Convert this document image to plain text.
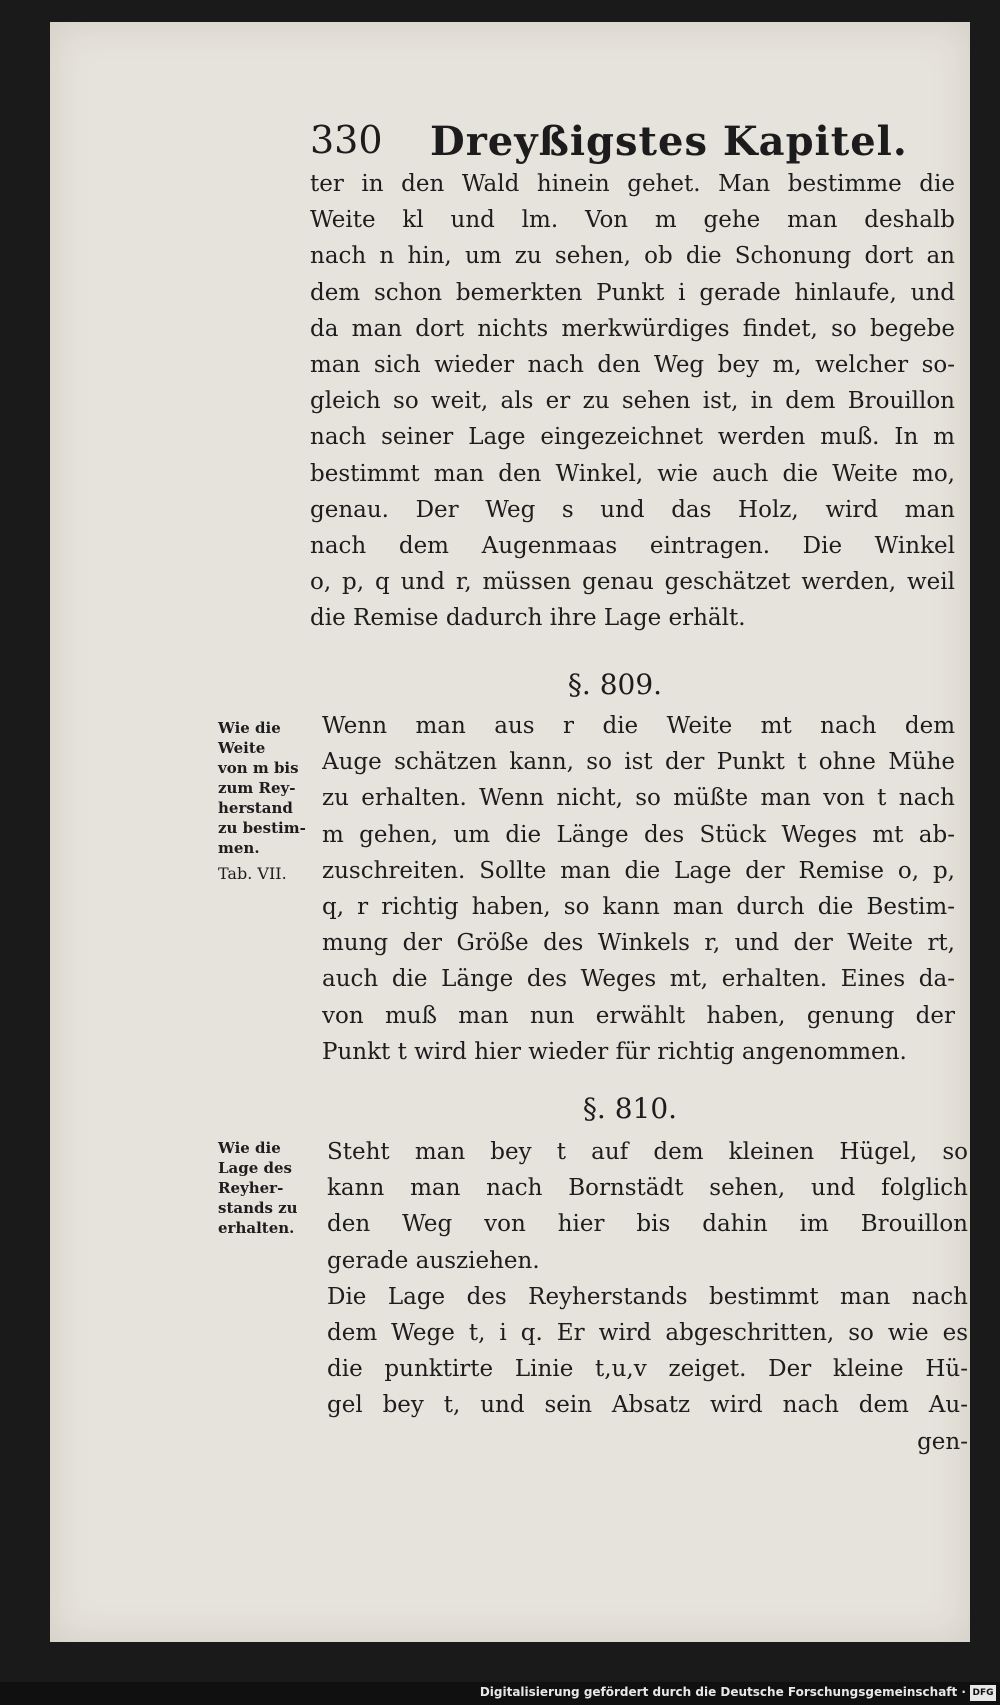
330 Dreyßigstes Kapitel.
ter in den Wald hinein gehet. Man bestimme die
Weite kl und lm. Von m gehe man deshalb
nach n hin, um zu sehen, ob die Schonung dort an
dem schon bemerkten Punkt i gerade hinlaufe, und
da man dort nichts merkwürdiges findet, so begebe
man sich wieder nach den Weg bey m, welcher so-
gleich so weit, als er zu sehen ist, in dem Brouillon
nach seiner Lage eingezeichnet werden muß. In m
bestimmt man den Winkel, wie auch die Weite mo,
genau. Der Weg s und das Holz, wird man
nach dem Augenmaas eintragen. Die Winkel
o, p, q und r, müssen genau geschätzet werden, weil
die Remise dadurch ihre Lage erhält.
§. 809.
Wie die
Weite
von m bis
zum Rey-
herstand
zu bestim-
men.
Tab. VII.
Wenn man aus r die Weite mt nach dem
Auge schätzen kann, so ist der Punkt t ohne Mühe
zu erhalten. Wenn nicht, so müßte man von t nach
m gehen, um die Länge des Stück Weges mt ab-
zuschreiten. Sollte man die Lage der Remise o, p,
q, r richtig haben, so kann man durch die Bestim-
mung der Größe des Winkels r, und der Weite rt,
auch die Länge des Weges mt, erhalten. Eines da-
von muß man nun erwählt haben, genung der
Punkt t wird hier wieder für richtig angenommen.
§. 810.
Wie die
Lage des
Reyher-
stands zu
erhalten.
Steht man bey t auf dem kleinen Hügel, so
kann man nach Bornstädt sehen, und folglich
den Weg von hier bis dahin im Brouillon
gerade ausziehen.
Die Lage des Reyherstands bestimmt man nach
dem Wege t, i q. Er wird abgeschritten, so wie es
die punktirte Linie t,u,v zeiget. Der kleine Hü-
gel bey t, und sein Absatz wird nach dem Au-
gen-
Digitalisierung gefördert durch die Deutsche Forschungsgemeinschaft · DFG
